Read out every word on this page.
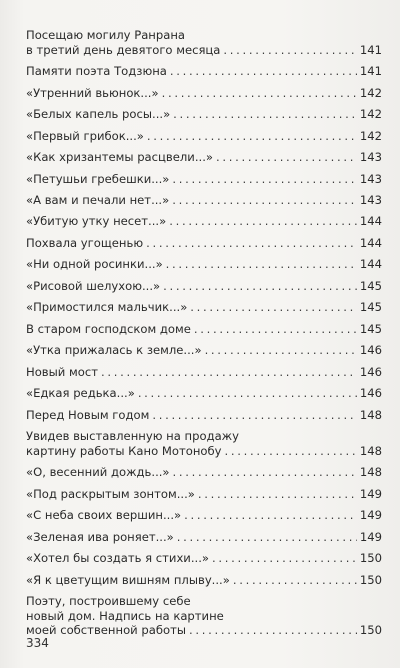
Посещаю могилу Ранрана
в третий день девятого месяца . . .	141
Памяти поэта Тодзюна . . .	141
«Утренний вьюнок...» . . .	142
«Белых капель росы...» . . .	142
«Первый грибок...» . . .	142
«Как хризантемы расцвели...» . . .	143
«Петушьи гребешки...» . . .	143
«А вам и печали нет...» . . .	143
«Убитую утку несет...» . . .	144
Похвала угощенью . . .	144
«Ни одной росинки...» . . .	144
«Рисовой шелухою...» . . .	145
«Примостился мальчик...» . . .	145
В старом господском доме . . .	145
«Утка прижалась к земле...» . . .	146
Новый мост . . .	146
«Едкая редька...» . . .	146
Перед Новым годом . . .	148
Увидев выставленную на продажу
картину работы Кано Мотонобу . . .	148
«О, весенний дождь...» . . .	148
«Под раскрытым зонтом...» . . .	149
«С неба своих вершин...» . . .	149
«Зеленая ива роняет...» . . .	149
«Хотел бы создать я стихи...» . . .	150
«Я к цветущим вишням плыву...» . . .	150
Поэту, построившему себе
новый дом. Надпись на картине
моей собственной работы . . .	150
334
